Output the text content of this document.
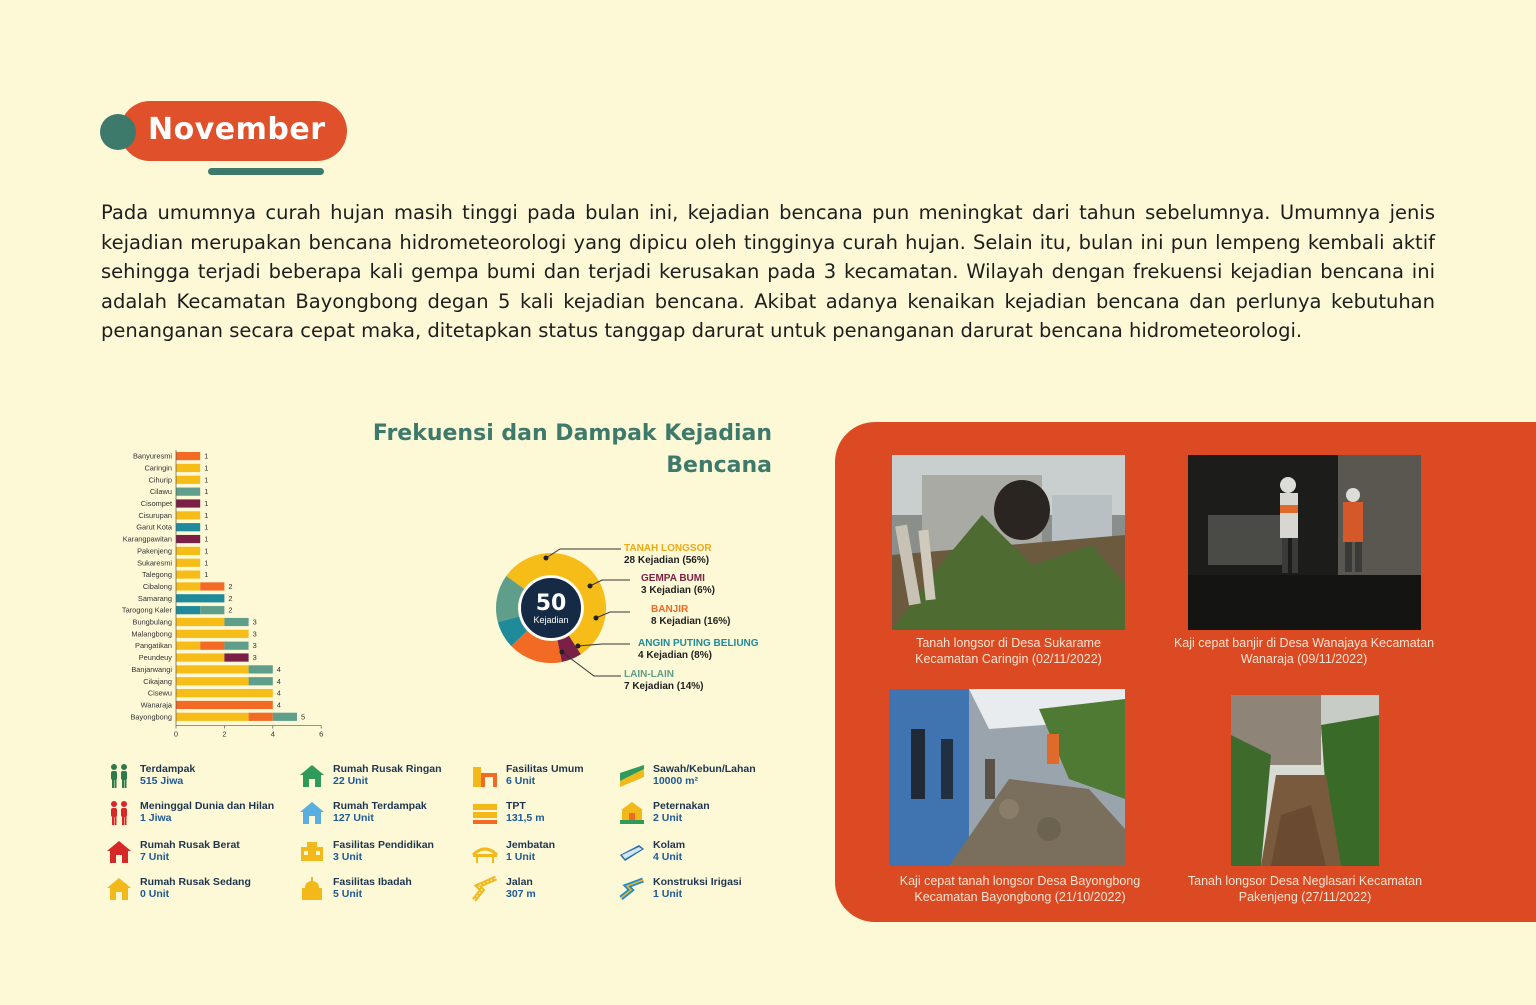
November

Pada umumnya curah hujan masih tinggi pada bulan ini, kejadian bencana pun meningkat dari tahun sebelumnya. Umumnya jenis kejadian merupakan bencana hidrometeorologi yang dipicu oleh tingginya curah hujan. Selain itu, bulan ini pun lempeng kembali aktif sehingga terjadi beberapa kali gempa bumi dan terjadi kerusakan pada 3 kecamatan. Wilayah dengan frekuensi kejadian bencana ini adalah Kecamatan Bayongbong degan 5 kali kejadian bencana. Akibat adanya kenaikan kejadian bencana dan perlunya kebutuhan penanganan secara cepat maka, ditetapkan status tanggap darurat untuk penanganan darurat bencana hidrometeorologi.

Frekuensi dan Dampak Kejadian Bencana
Banyuresmi	1
Caringin	1
Cihurip	1
Cilawu	1
Cisompet	1
Cisurupan	1
Garut Kota	1
Karangpawitan	1
Pakenjeng	1
Sukaresmi	1
Talegong	1
Cibalong	2
Samarang	2
Tarogong Kaler	2
Bungbulang	3
Malangbong	3
Pangatikan	3
Peundeuy	3
Banjarwangi	4
Cikajang	4
Cisewu	4
Wanaraja	4
Bayongbong	5
0	2	4	6
50
Kejadian
TANAH LONGSOR
28 Kejadian (56%)
GEMPA BUMI
3 Kejadian (6%)
BANJIR
8 Kejadian (16%)
ANGIN PUTING BELIUNG
4 Kejadian (8%)
LAIN-LAIN
7 Kejadian (14%)
Terdampak
515 Jiwa
Rumah Rusak Ringan
22 Unit
Fasilitas Umum
6 Unit
Sawah/Kebun/Lahan
10000 m²
Meninggal Dunia dan Hilan
1 Jiwa
Rumah Terdampak
127 Unit
TPT
131,5 m
Peternakan
2 Unit
Rumah Rusak Berat
7 Unit
Fasilitas Pendidikan
3 Unit
Jembatan
1 Unit
Kolam
4 Unit
Rumah Rusak Sedang
0 Unit
Fasilitas Ibadah
5 Unit
Jalan
307 m
Konstruksi Irigasi
1 Unit
Tanah longsor di Desa Sukarame Kecamatan Caringin (02/11/2022)
Kaji cepat banjir di Desa Wanajaya Kecamatan Wanaraja (09/11/2022)
Kaji cepat tanah longsor Desa Bayongbong Kecamatan Bayongbong (21/10/2022)
Tanah longsor Desa Neglasari Kecamatan Pakenjeng (27/11/2022)
